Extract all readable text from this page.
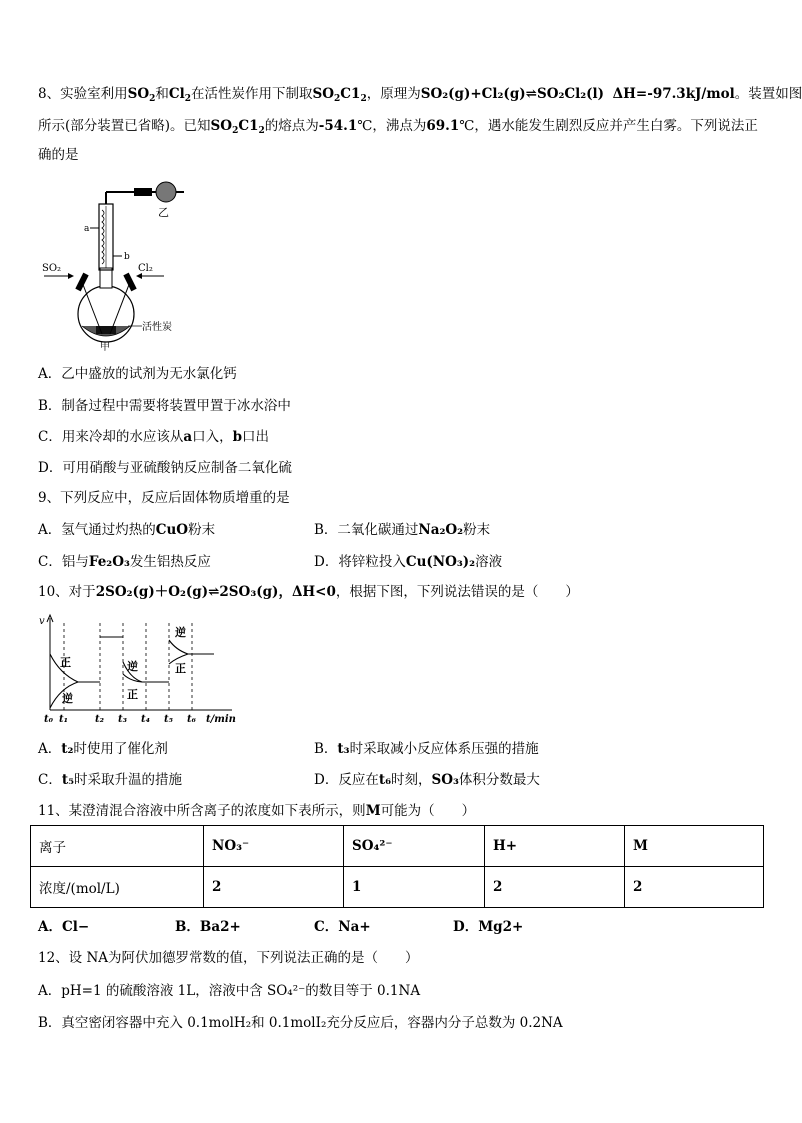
8、实验室利用$SO_2$和$Cl_2$在活性炭作用下制取$SO_2C1_2$，原理为SO₂(g)+Cl₂(g)⇌SO₂Cl₂(l) ΔH=-97.3kJ/mol。装置如图
所示(部分装置已省略)。已知$SO_2C1_2$的熔点为-54.1℃，沸点为69.1℃，遇水能发生剧烈反应并产生白雾。下列说法正
确的是
乙
a
b
SO₂	Cl₂
活性炭
甲
A．乙中盛放的试剂为无水氯化钙
B．制备过程中需要将装置甲置于冰水浴中
C．用来冷却的水应该从a口入，b口出
D．可用硝酸与亚硫酸钠反应制备二氧化硫
9、下列反应中，反应后固体物质增重的是
A．氢气通过灼热的CuO粉末	B．二氧化碳通过Na₂O₂粉末
C．铝与Fe₂O₃发生铝热反应	D．将锌粒投入Cu(NO₃)₂溶液
10、对于2SO₂(g)＋O₂(g)⇌2SO₃(g)，ΔH<0，根据下图，下列说法错误的是（　　）
v
正
逆
逆
正
逆
正
t₀ t₁	t₂ t₃ t₄ t₅ t₆ t/min
A．t₂时使用了催化剂	B．t₃时采取减小反应体系压强的措施
C．t₅时采取升温的措施	D．反应在t₆时刻，SO₃体积分数最大
11、某澄清混合溶液中所含离子的浓度如下表所示，则M可能为（　　）
离子	NO₃⁻	SO₄²⁻	H+	M
浓度/(mol/L)	2	1	2	2
A．Cl−	B．Ba2+	C．Na+	D．Mg2+
12、设 NA为阿伏加德罗常数的值，下列说法正确的是（　　）
A．pH=1 的硫酸溶液 1L，溶液中含 SO₄²⁻的数目等于 0.1NA
B．真空密闭容器中充入 0.1molH₂和 0.1molI₂充分反应后，容器内分子总数为 0.2NA
